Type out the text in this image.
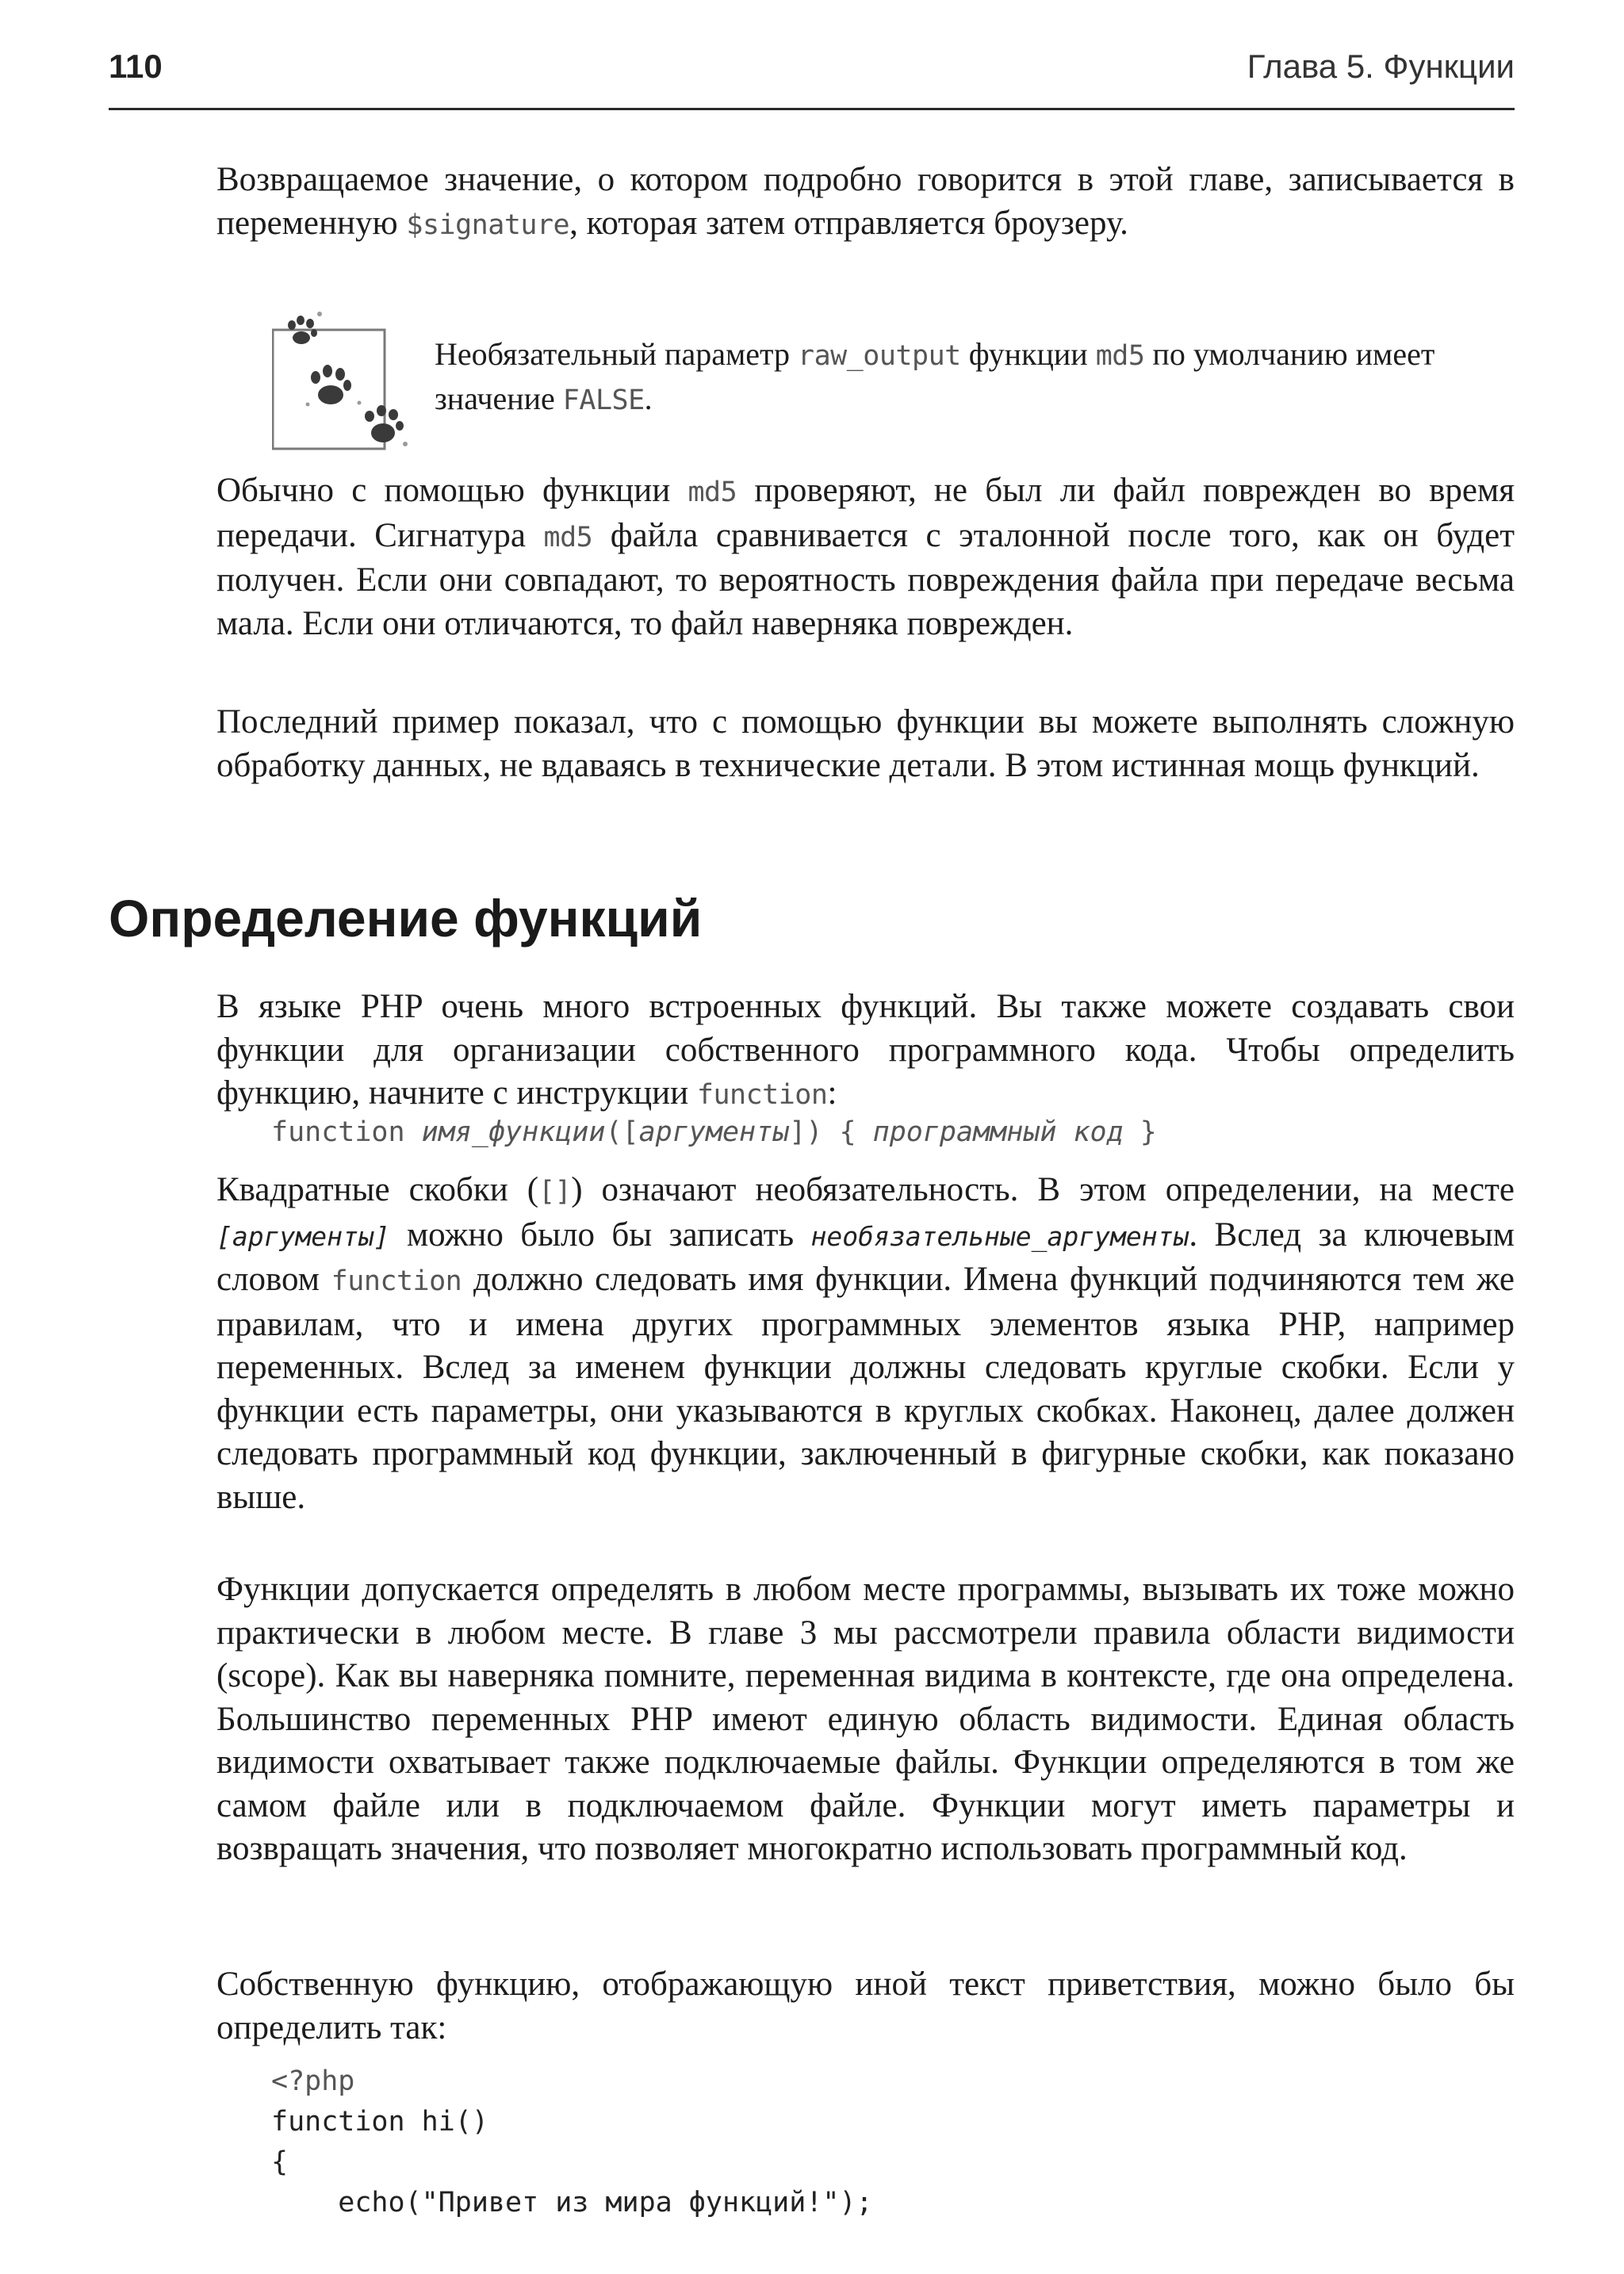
110	Глава 5. Функции

Возвращаемое значение, о котором подробно говорится в этой главе, записывается в переменную $signature, которая затем отправляется броузеру.

Необязательный параметр raw_output функции md5 по умолчанию имеет значение FALSE.

Обычно с помощью функции md5 проверяют, не был ли файл поврежден во время передачи. Сигнатура md5 файла сравнивается с эталонной после того, как он будет получен. Если они совпадают, то вероятность повреждения файла при передаче весьма мала. Если они отличаются, то файл наверняка поврежден.

Последний пример показал, что с помощью функции вы можете выполнять сложную обработку данных, не вдаваясь в технические детали. В этом истинная мощь функций.

Определение функций

В языке PHP очень много встроенных функций. Вы также можете создавать свои функции для организации собственного программного кода. Чтобы определить функцию, начните с инструкции function:

function имя_функции([аргументы]) { программный код }

Квадратные скобки ([]) означают необязательность. В этом определении, на месте [аргументы] можно было бы записать необязательные_аргументы. Вслед за ключевым словом function должно следовать имя функции. Имена функций подчиняются тем же правилам, что и имена других программных элементов языка PHP, например переменных. Вслед за именем функции должны следовать круглые скобки. Если у функции есть параметры, они указываются в круглых скобках. Наконец, далее должен следовать программный код функции, заключенный в фигурные скобки, как показано выше.

Функции допускается определять в любом месте программы, вызывать их тоже можно практически в любом месте. В главе 3 мы рассмотрели правила области видимости (scope). Как вы наверняка помните, переменная видима в контексте, где она определена. Большинство переменных PHP имеют единую область видимости. Единая область видимости охватывает также подключаемые файлы. Функции определяются в том же самом файле или в подключаемом файле. Функции могут иметь параметры и возвращать значения, что позволяет многократно использовать программный код.

Собственную функцию, отображающую иной текст приветствия, можно было бы определить так:

<?php
function hi()
{
echo("Привет из мира функций!");
